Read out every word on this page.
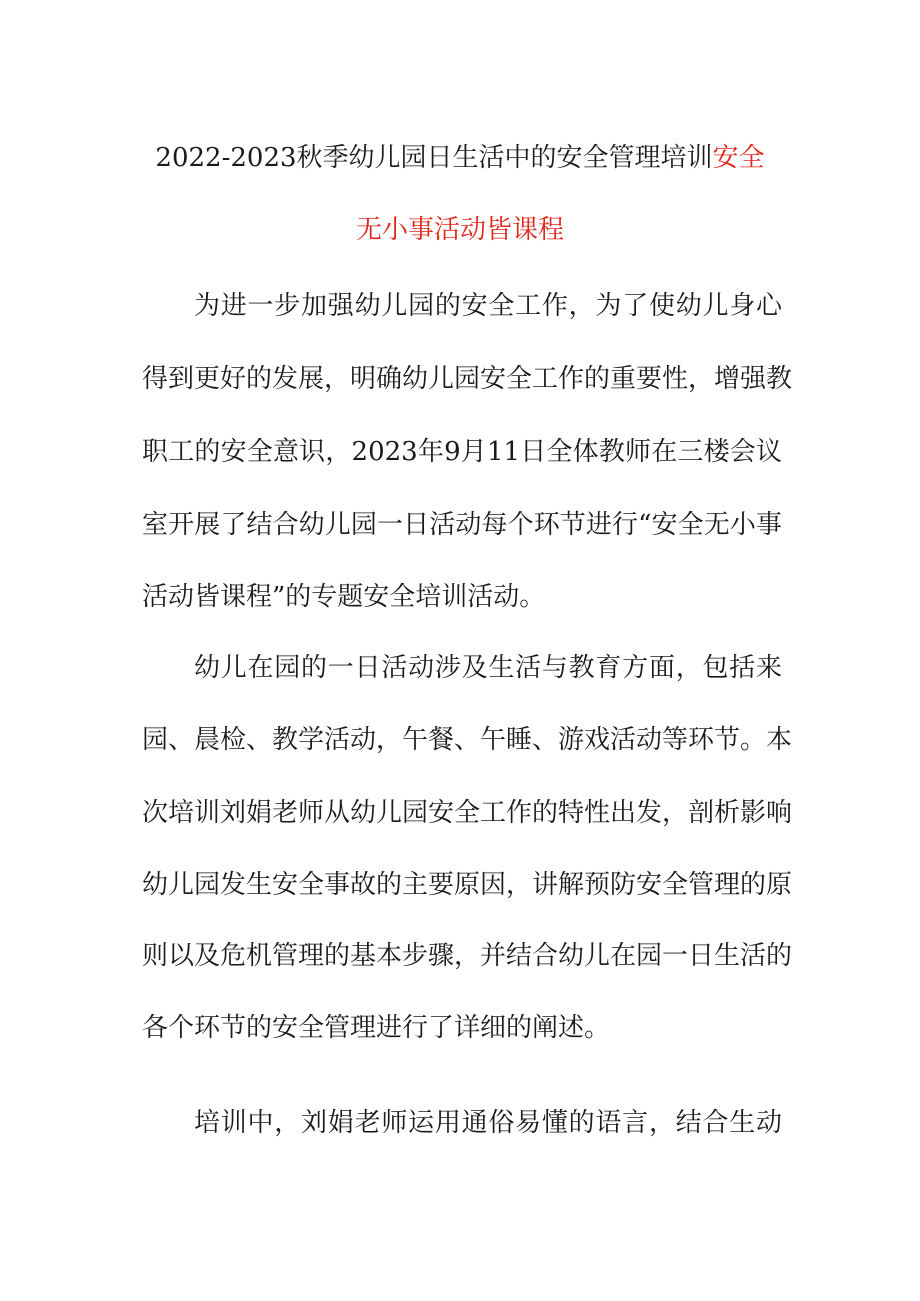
2022-2023秋季幼儿园日生活中的安全管理培训安全
无小事活动皆课程
为进一步加强幼儿园的安全工作，为了使幼儿身心
得到更好的发展，明确幼儿园安全工作的重要性，增强教
职工的安全意识，2023年9月11日全体教师在三楼会议
室开展了结合幼儿园一日活动每个环节进行“安全无小事
活动皆课程”的专题安全培训活动。
幼儿在园的一日活动涉及生活与教育方面，包括来
园、晨检、教学活动，午餐、午睡、游戏活动等环节。本
次培训刘娟老师从幼儿园安全工作的特性出发，剖析影响
幼儿园发生安全事故的主要原因，讲解预防安全管理的原
则以及危机管理的基本步骤，并结合幼儿在园一日生活的
各个环节的安全管理进行了详细的阐述。
培训中，刘娟老师运用通俗易懂的语言，结合生动
